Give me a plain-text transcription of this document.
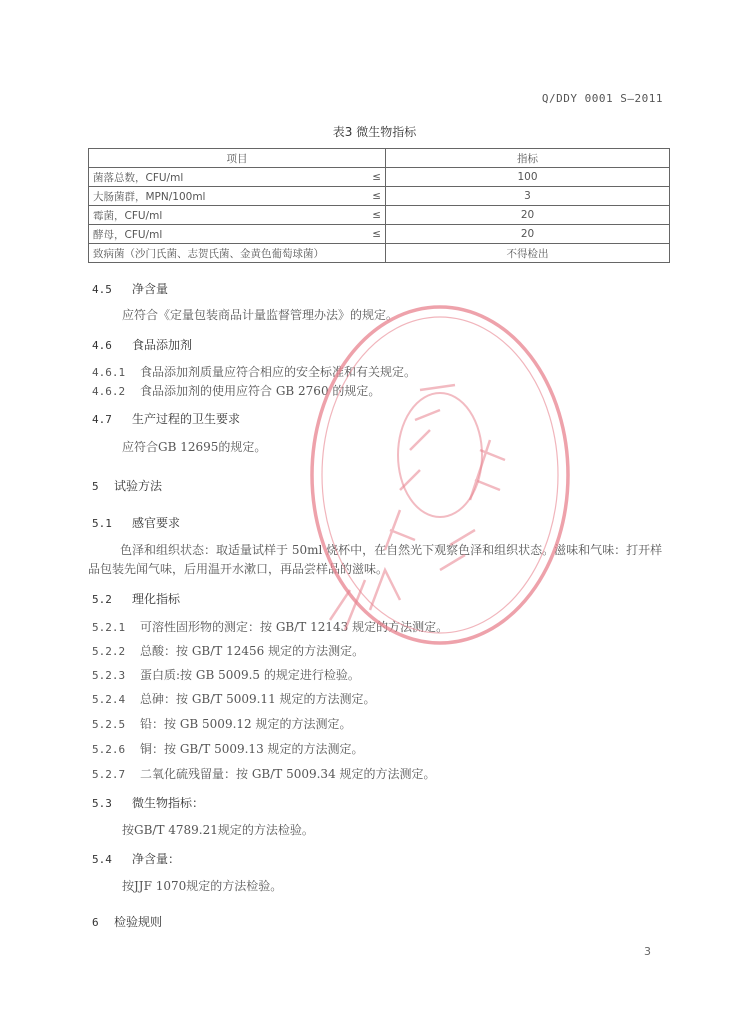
Q/DDY 0001 S—2011
表3 微生物指标
项目		指标
菌落总数，CFU/ml	≤	100
大肠菌群，MPN/100ml	≤	3
霉菌，CFU/ml	≤	20
酵母，CFU/ml	≤	20
致病菌（沙门氏菌、志贺氏菌、金黄色葡萄球菌）		不得检出
4.5 净含量
应符合《定量包装商品计量监督管理办法》的规定。
4.6 食品添加剂
4.6.1 食品添加剂质量应符合相应的安全标准和有关规定。
4.6.2 食品添加剂的使用应符合 GB 2760 的规定。
4.7 生产过程的卫生要求
应符合GB 12695的规定。
5 试验方法
5.1 感官要求
色泽和组织状态：取适量试样于 50ml 烧杯中，在自然光下观察色泽和组织状态。滋味和气味：打开样品包装先闻气味，后用温开水漱口，再品尝样品的滋味。
5.2 理化指标
5.2.1 可溶性固形物的测定：按 GB/T 12143 规定的方法测定。
5.2.2 总酸：按 GB/T 12456 规定的方法测定。
5.2.3 蛋白质:按 GB 5009.5 的规定进行检验。
5.2.4 总砷：按 GB/T 5009.11 规定的方法测定。
5.2.5 铅：按 GB 5009.12 规定的方法测定。
5.2.6 铜：按 GB/T 5009.13 规定的方法测定。
5.2.7 二氧化硫残留量：按 GB/T 5009.34 规定的方法测定。
5.3 微生物指标：
按GB/T 4789.21规定的方法检验。
5.4 净含量：
按JJF 1070规定的方法检验。
6 检验规则
3
